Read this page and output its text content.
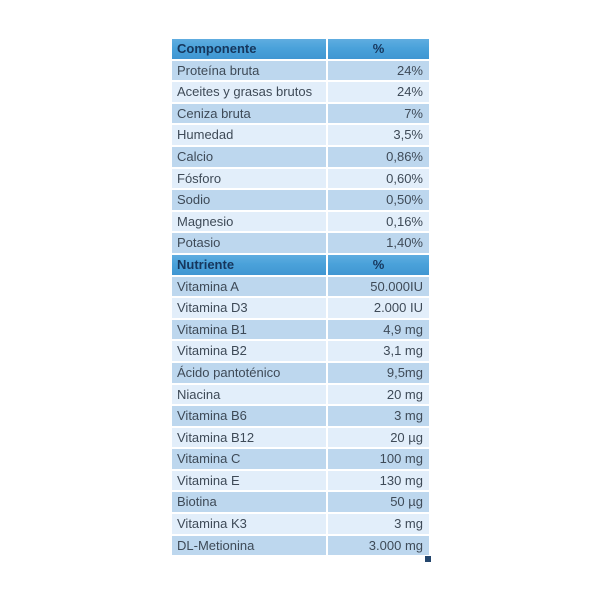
Componente	%
Proteína bruta	24%
Aceites y grasas brutos	24%
Ceniza bruta	7%
Humedad	3,5%
Calcio	0,86%
Fósforo	0,60%
Sodio	0,50%
Magnesio	0,16%
Potasio	1,40%
Nutriente	%
Vitamina A	50.000IU
Vitamina D3	2.000 IU
Vitamina B1	4,9 mg
Vitamina B2	3,1 mg
Ácido pantoténico	9,5mg
Niacina	20 mg
Vitamina B6	3 mg
Vitamina B12	20 µg
Vitamina C	100 mg
Vitamina E	130 mg
Biotina	50 µg
Vitamina K3	3 mg
DL-Metionina	3.000 mg
